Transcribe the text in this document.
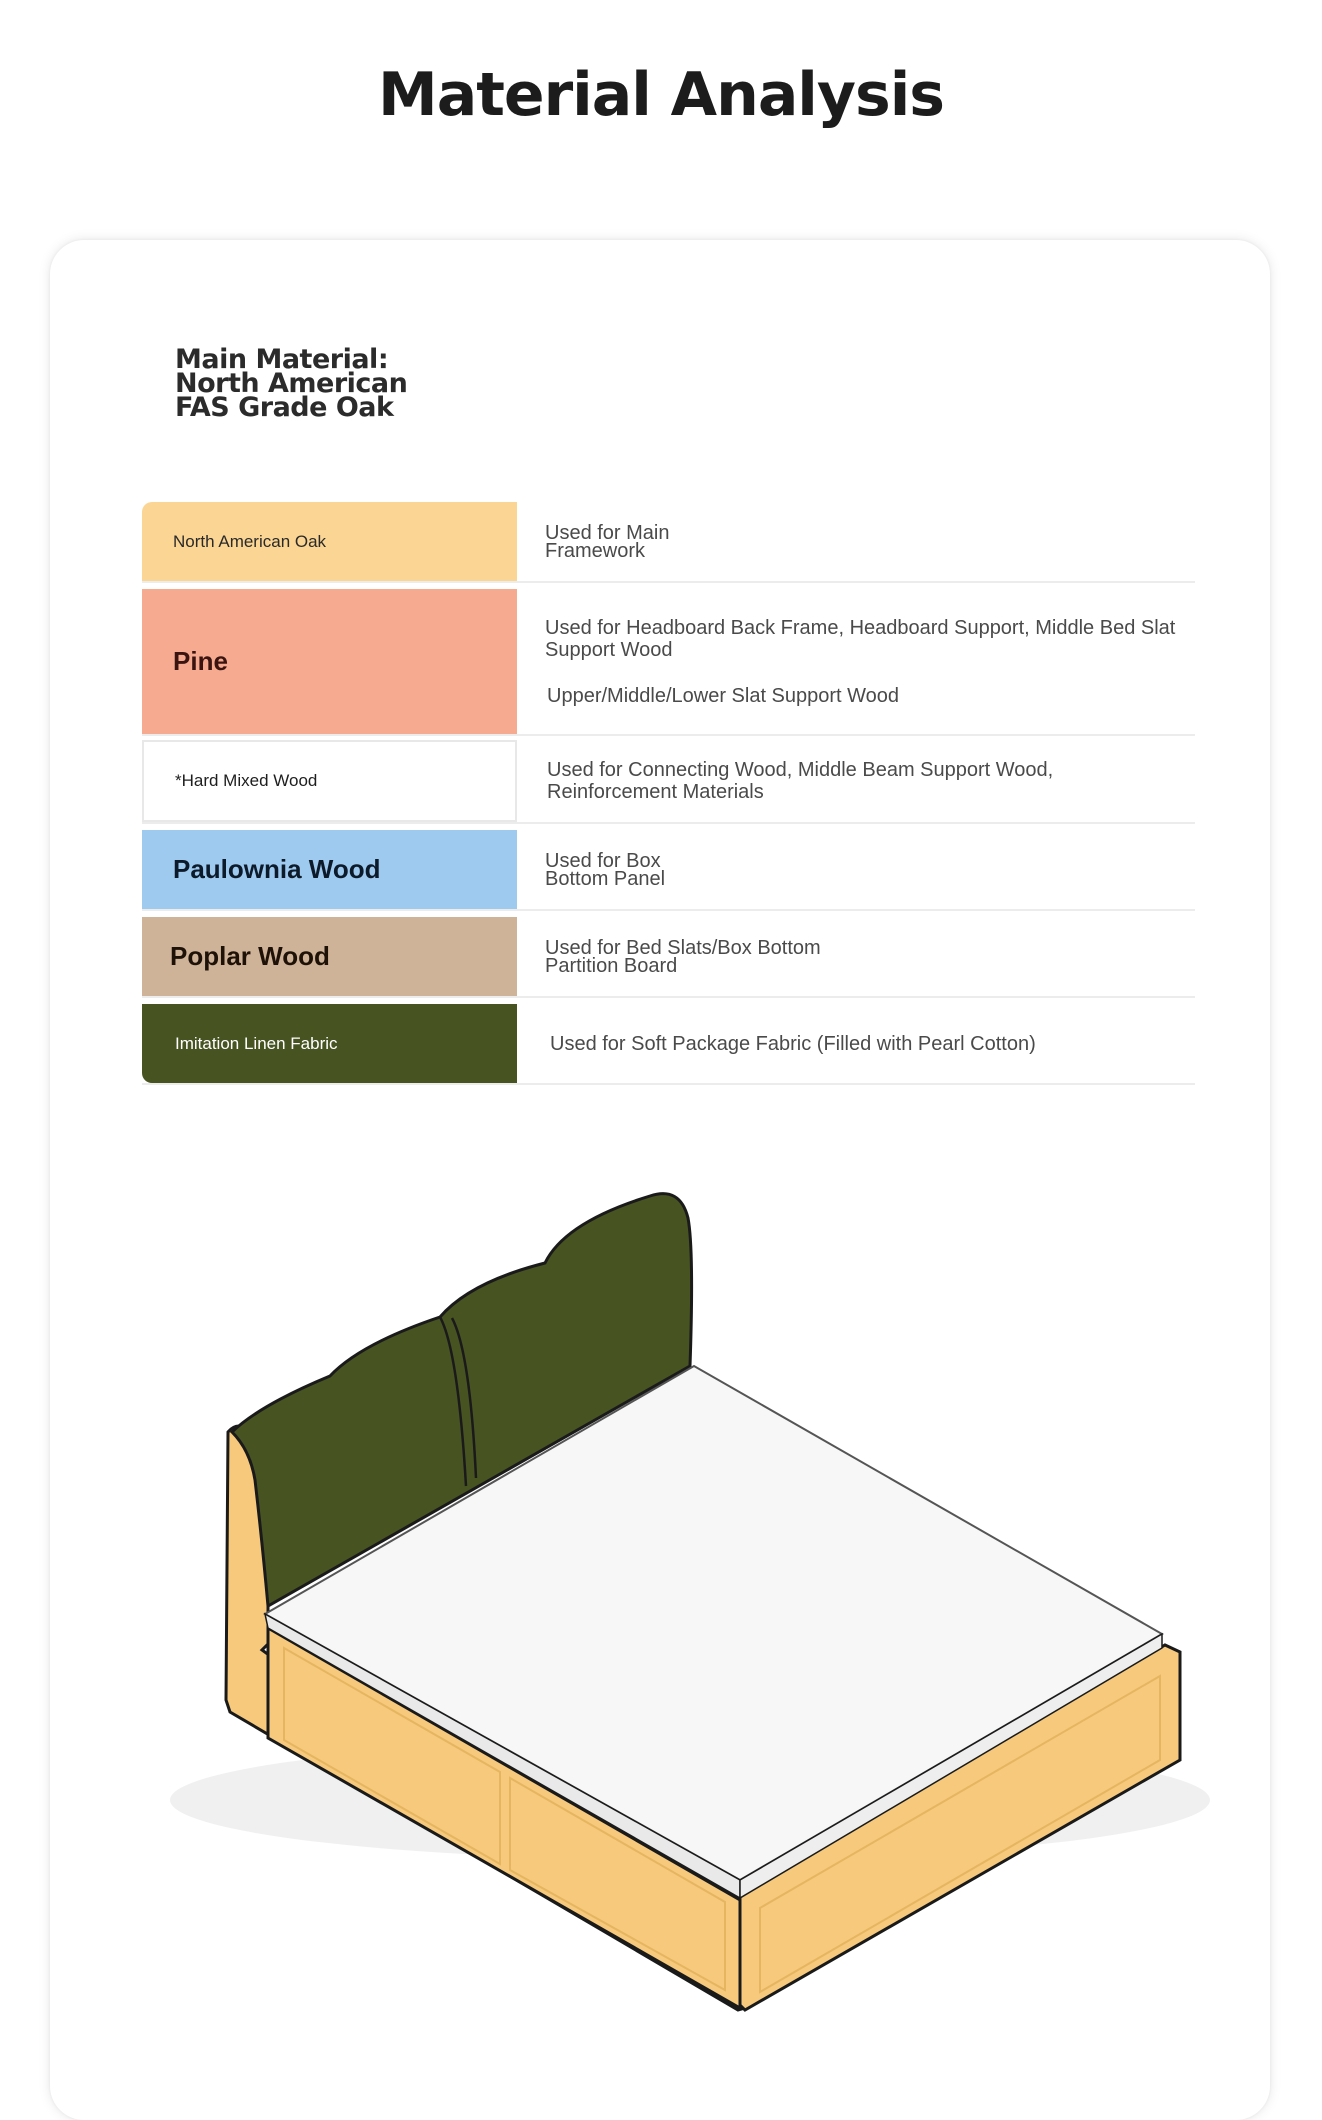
Material Analysis
Main Material:
North American
FAS Grade Oak
North American Oak	Used for Main
Framework
Pine
Used for Headboard Back Frame, Headboard Support, Middle Bed Slat
Support Wood
Upper/Middle/Lower Slat Support Wood
*Hard Mixed Wood	Used for Connecting Wood, Middle Beam Support Wood,
Reinforcement Materials
Paulownia Wood	Used for Box
Bottom Panel
Poplar Wood	Used for Bed Slats/Box Bottom
Partition Board
Imitation Linen Fabric	Used for Soft Package Fabric (Filled with Pearl Cotton)
